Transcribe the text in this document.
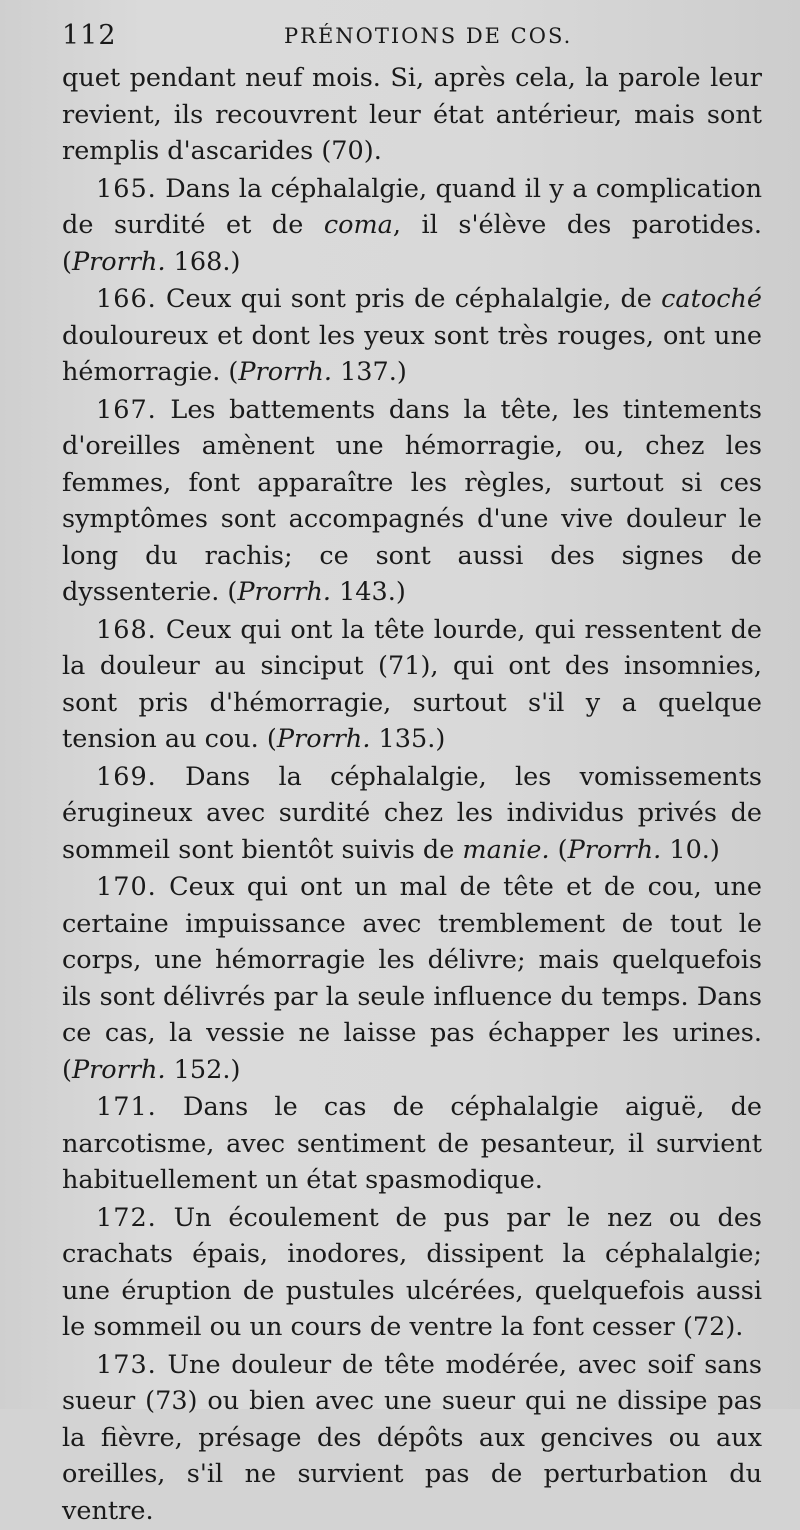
112	PRÉNOTIONS DE COS.

quet pendant neuf mois. Si, après cela, la parole leur revient, ils recouvrent leur état antérieur, mais sont remplis d'ascarides (70).

165. Dans la céphalalgie, quand il y a complication de surdité et de coma, il s'élève des parotides. (Prorrh. 168.)

166. Ceux qui sont pris de céphalalgie, de catoché douloureux et dont les yeux sont très rouges, ont une hémorragie. (Prorrh. 137.)

167. Les battements dans la tête, les tintements d'oreilles amènent une hémorragie, ou, chez les femmes, font apparaître les règles, surtout si ces symptômes sont accompagnés d'une vive douleur le long du rachis; ce sont aussi des signes de dyssenterie. (Prorrh. 143.)

168. Ceux qui ont la tête lourde, qui ressentent de la douleur au sinciput (71), qui ont des insomnies, sont pris d'hémorragie, surtout s'il y a quelque tension au cou. (Prorrh. 135.)

169. Dans la céphalalgie, les vomissements érugineux avec surdité chez les individus privés de sommeil sont bientôt suivis de manie. (Prorrh. 10.)

170. Ceux qui ont un mal de tête et de cou, une certaine impuissance avec tremblement de tout le corps, une hémorragie les délivre; mais quelquefois ils sont délivrés par la seule influence du temps. Dans ce cas, la vessie ne laisse pas échapper les urines. (Prorrh. 152.)

171. Dans le cas de céphalalgie aiguë, de narcotisme, avec sentiment de pesanteur, il survient habituellement un état spasmodique.

172. Un écoulement de pus par le nez ou des crachats épais, inodores, dissipent la céphalalgie; une éruption de pustules ulcérées, quelquefois aussi le sommeil ou un cours de ventre la font cesser (72).

173. Une douleur de tête modérée, avec soif sans sueur (73) ou bien avec une sueur qui ne dissipe pas la fièvre, présage des dépôts aux gencives ou aux oreilles, s'il ne survient pas de perturbation du ventre.
